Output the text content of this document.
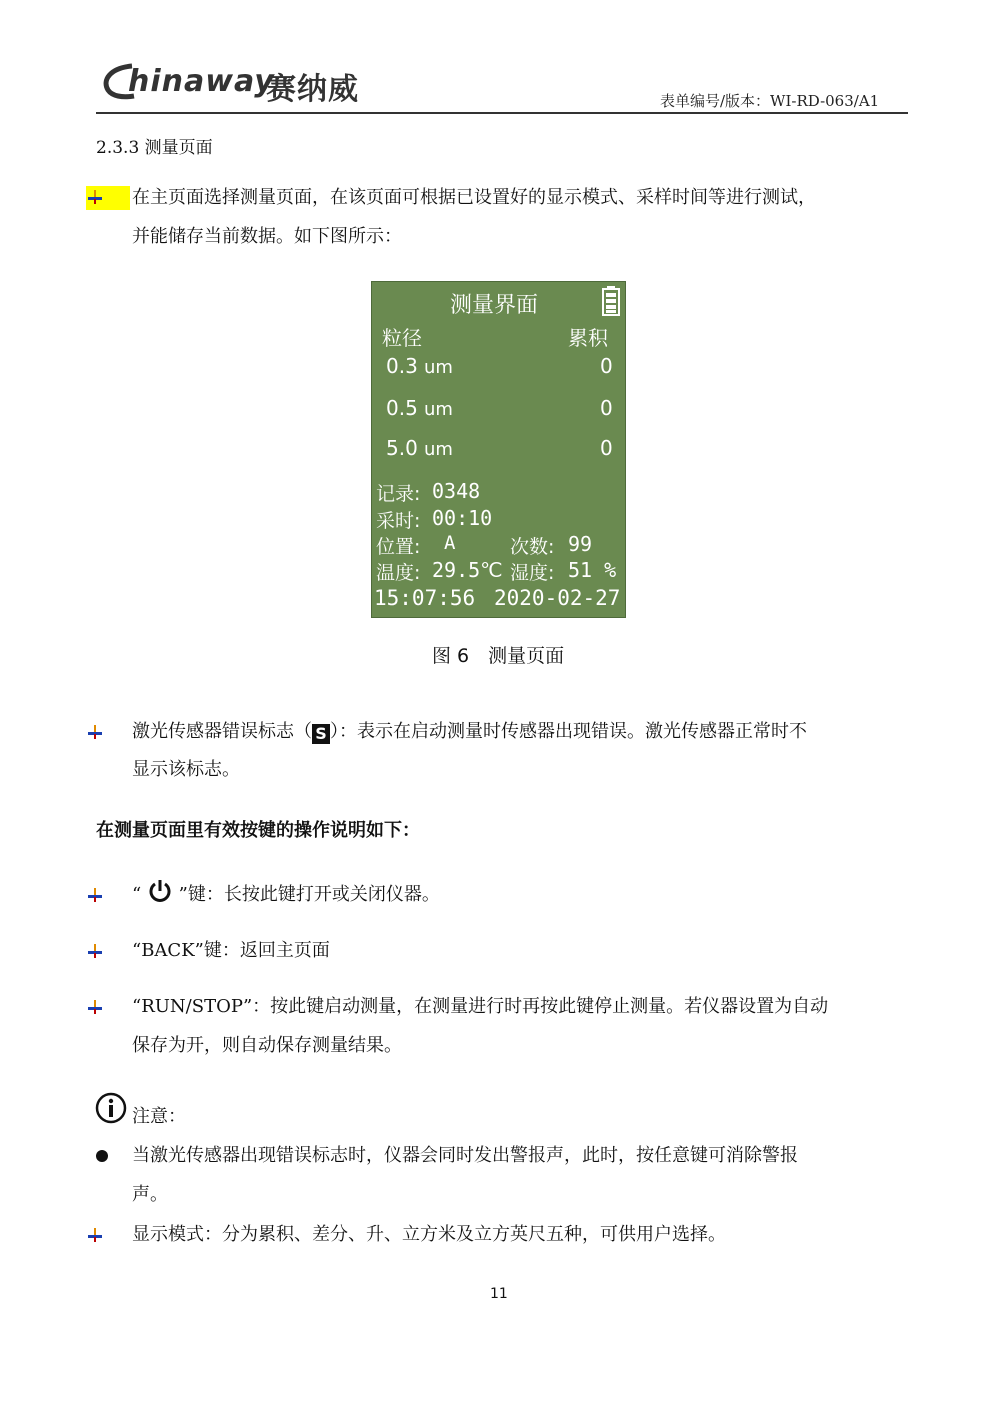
hinaway
赛纳威	表单编号/版本：WI-RD-063/A1
2.3.3 测量页面
在主页面选择测量页面，在该页面可根据已设置好的显示模式、采样时间等进行测试，
并能储存当前数据。如下图所示：
测量界面
粒径	累积
0.3 um	0
0.5 um	0
5.0 um	0
记录: 0348
采时: 00:10
位置: A	次数: 99
温度: 29.5℃ 湿度: 51 %
15:07:56 2020-02-27
图 6　测量页面
激光传感器错误标志（ S ）：表示在启动测量时传感器出现错误。激光传感器正常时不
显示该标志。
在测量页面里有效按键的操作说明如下：
“ ”键：长按此键打开或关闭仪器。
“BACK”键：返回主页面
“RUN/STOP”：按此键启动测量，在测量进行时再按此键停止测量。若仪器设置为自动
保存为开，则自动保存测量结果。
注意：
当激光传感器出现错误标志时，仪器会同时发出警报声，此时，按任意键可消除警报
声。
显示模式：分为累积、差分、升、立方米及立方英尺五种，可供用户选择。
11
